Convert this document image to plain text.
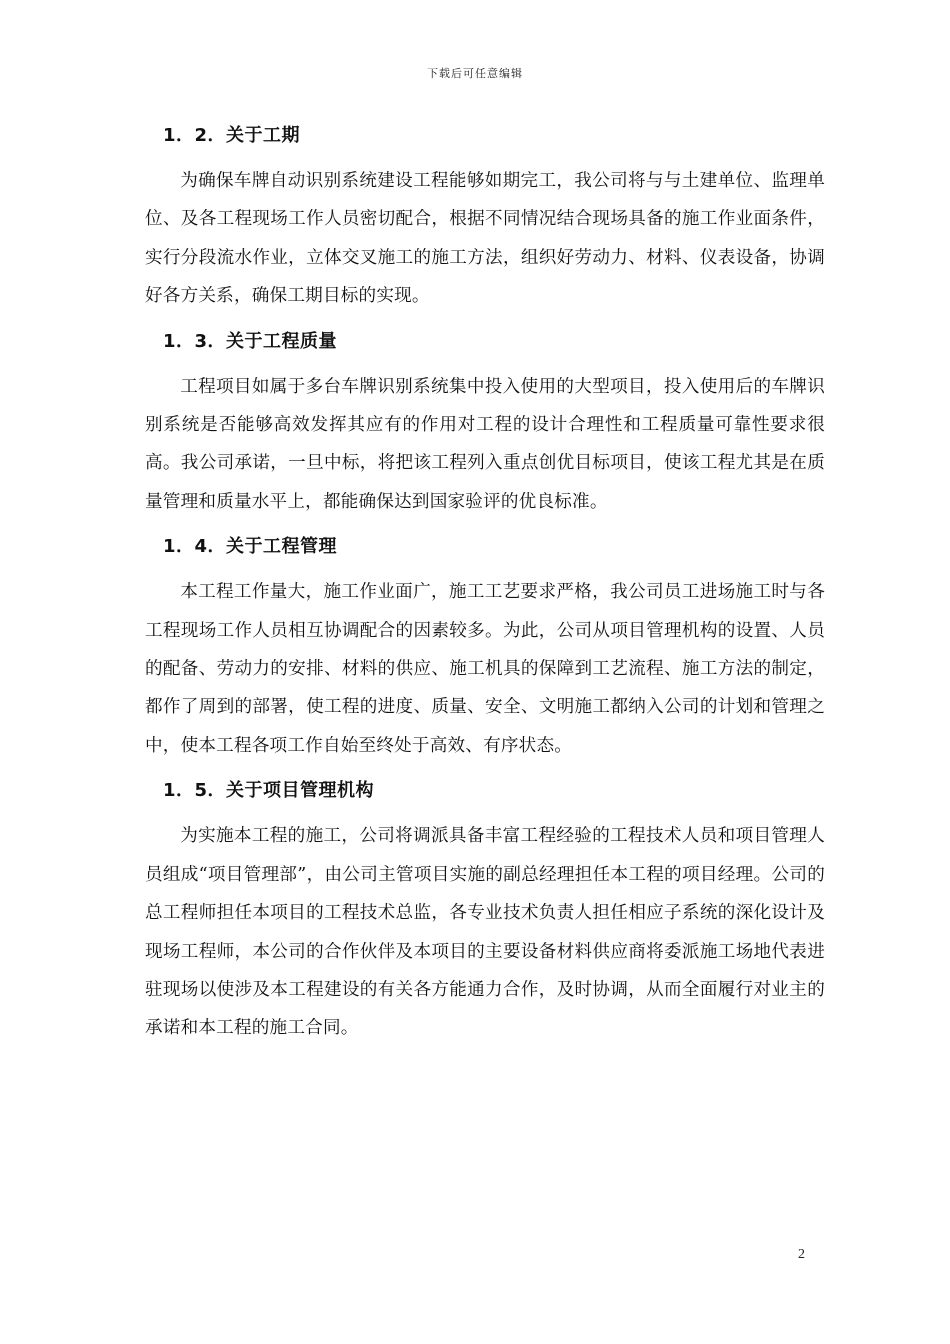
下载后可任意编辑
1．2．关于工期

为确保车牌自动识别系统建设工程能够如期完工，我公司将与与土建单位、监理单位、及各工程现场工作人员密切配合，根据不同情况结合现场具备的施工作业面条件，实行分段流水作业，立体交叉施工的施工方法，组织好劳动力、材料、仪表设备，协调好各方关系，确保工期目标的实现。

1．3．关于工程质量

工程项目如属于多台车牌识别系统集中投入使用的大型项目，投入使用后的车牌识别系统是否能够高效发挥其应有的作用对工程的设计合理性和工程质量可靠性要求很高。我公司承诺，一旦中标，将把该工程列入重点创优目标项目，使该工程尤其是在质量管理和质量水平上，都能确保达到国家验评的优良标准。

1．4．关于工程管理

本工程工作量大，施工作业面广，施工工艺要求严格，我公司员工进场施工时与各工程现场工作人员相互协调配合的因素较多。为此，公司从项目管理机构的设置、人员的配备、劳动力的安排、材料的供应、施工机具的保障到工艺流程、施工方法的制定，都作了周到的部署，使工程的进度、质量、安全、文明施工都纳入公司的计划和管理之中，使本工程各项工作自始至终处于高效、有序状态。

1．5．关于项目管理机构

为实施本工程的施工，公司将调派具备丰富工程经验的工程技术人员和项目管理人员组成“项目管理部”，由公司主管项目实施的副总经理担任本工程的项目经理。公司的总工程师担任本项目的工程技术总监，各专业技术负责人担任相应子系统的深化设计及现场工程师，本公司的合作伙伴及本项目的主要设备材料供应商将委派施工场地代表进驻现场以使涉及本工程建设的有关各方能通力合作，及时协调，从而全面履行对业主的承诺和本工程的施工合同。

2
